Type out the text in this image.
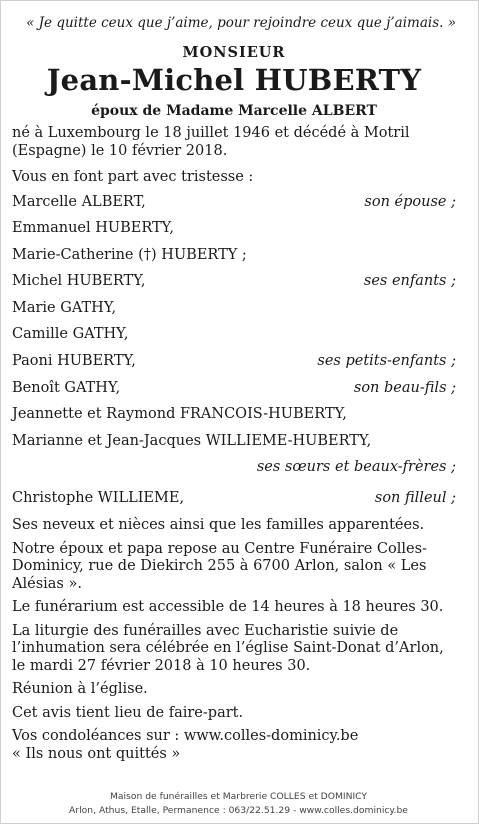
« Je quitte ceux que j’aime, pour rejoindre ceux que j’aimais. »
MONSIEUR
Jean-Michel HUBERTY
époux de Madame Marcelle ALBERT
né à Luxembourg le 18 juillet 1946 et décédé à Motril (Espagne) le 10 février 2018.
Vous en font part avec tristesse :
Marcelle ALBERT,	son épouse ;
Emmanuel HUBERTY,
Marie-Catherine (†) HUBERTY ;
Michel HUBERTY,	ses enfants ;
Marie GATHY,
Camille GATHY,
Paoni HUBERTY,	ses petits-enfants ;
Benoît GATHY,	son beau-fils ;
Jeannette et Raymond FRANCOIS-HUBERTY,
Marianne et Jean-Jacques WILLIEME-HUBERTY,
ses sœurs et beaux-frères ;
Christophe WILLIEME,	son filleul ;
Ses neveux et nièces ainsi que les familles apparentées.
Notre époux et papa repose au Centre Funéraire Colles-Dominicy, rue de Diekirch 255 à 6700 Arlon, salon « Les Alésias ».
Le funérarium est accessible de 14 heures à 18 heures 30.
La liturgie des funérailles avec Eucharistie suivie de l’inhumation sera célébrée en l’église Saint-Donat d’Arlon, le mardi 27 février 2018 à 10 heures 30.
Réunion à l’église.
Cet avis tient lieu de faire-part.
Vos condoléances sur : www.colles-dominicy.be
« Ils nous ont quittés »
Maison de funérailles et Marbrerie COLLES et DOMINICY
Arlon, Athus, Etalle, Permanence : 063/22.51.29 - www.colles.dominicy.be
